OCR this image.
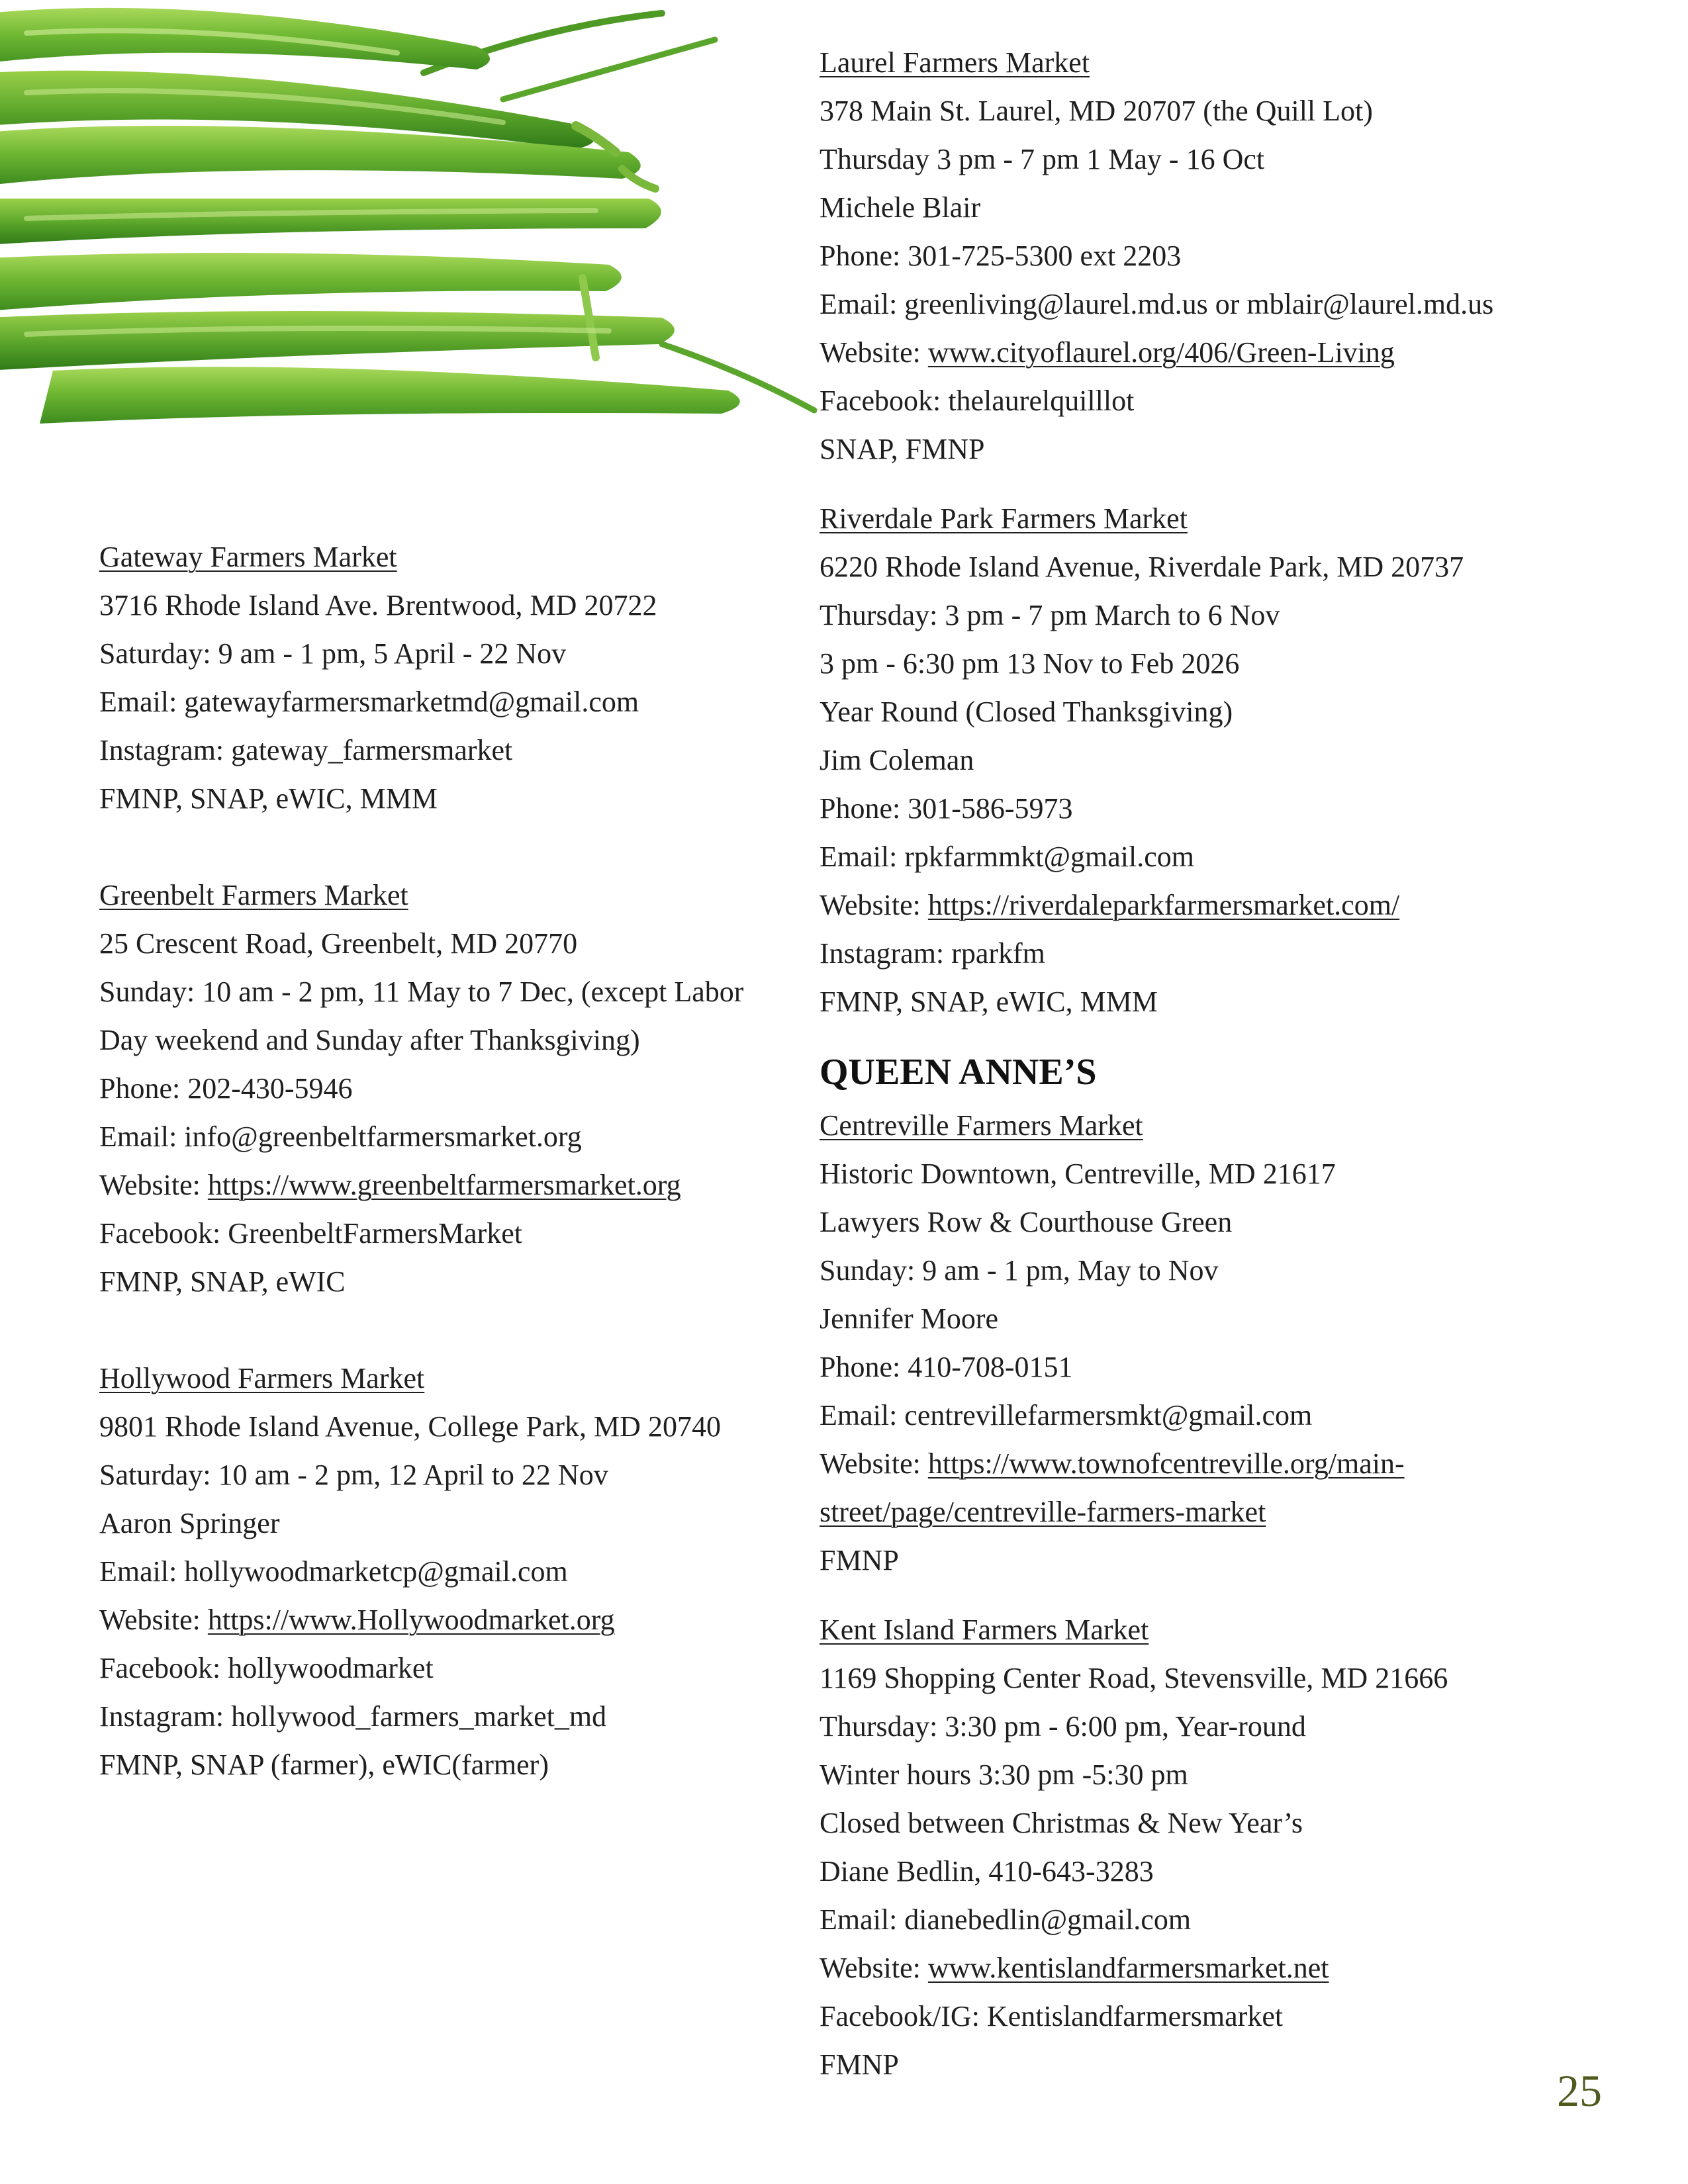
Gateway Farmers Market
3716 Rhode Island Ave. Brentwood, MD 20722
Saturday: 9 am - 1 pm, 5 April - 22 Nov
Email: gatewayfarmersmarketmd@gmail.com
Instagram: gateway_farmersmarket
FMNP, SNAP, eWIC, MMM
Greenbelt Farmers Market
25 Crescent Road, Greenbelt, MD 20770
Sunday: 10 am - 2 pm, 11 May to 7 Dec, (except Labor
Day weekend and Sunday after Thanksgiving)
Phone: 202-430-5946
Email: info@greenbeltfarmersmarket.org
Website: https://www.greenbeltfarmersmarket.org
Facebook: GreenbeltFarmersMarket
FMNP, SNAP, eWIC
Hollywood Farmers Market
9801 Rhode Island Avenue, College Park, MD 20740
Saturday: 10 am - 2 pm, 12 April to 22 Nov
Aaron Springer
Email: hollywoodmarketcp@gmail.com
Website: https://www.Hollywoodmarket.org
Facebook: hollywoodmarket
Instagram: hollywood_farmers_market_md
FMNP, SNAP (farmer), eWIC(farmer)
Laurel Farmers Market
378 Main St. Laurel, MD 20707 (the Quill Lot)
Thursday 3 pm - 7 pm 1 May - 16 Oct
Michele Blair
Phone: 301-725-5300 ext 2203
Email: greenliving@laurel.md.us or mblair@laurel.md.us
Website: www.cityoflaurel.org/406/Green-Living
Facebook: thelaurelquilllot
SNAP, FMNP
Riverdale Park Farmers Market
6220 Rhode Island Avenue, Riverdale Park, MD 20737
Thursday: 3 pm - 7 pm March to 6 Nov
3 pm - 6:30 pm 13 Nov to Feb 2026
Year Round (Closed Thanksgiving)
Jim Coleman
Phone: 301-586-5973
Email: rpkfarmmkt@gmail.com
Website: https://riverdaleparkfarmersmarket.com/
Instagram: rparkfm
FMNP, SNAP, eWIC, MMM
QUEEN ANNE’S
Centreville Farmers Market
Historic Downtown, Centreville, MD 21617
Lawyers Row & Courthouse Green
Sunday: 9 am - 1 pm, May to Nov
Jennifer Moore
Phone: 410-708-0151
Email: centrevillefarmersmkt@gmail.com
Website: https://www.townofcentreville.org/main-
street/page/centreville-farmers-market
FMNP
Kent Island Farmers Market
1169 Shopping Center Road, Stevensville, MD 21666
Thursday: 3:30 pm - 6:00 pm, Year-round
Winter hours 3:30 pm -5:30 pm
Closed between Christmas & New Year’s
Diane Bedlin, 410-643-3283
Email: dianebedlin@gmail.com
Website: www.kentislandfarmersmarket.net
Facebook/IG: Kentislandfarmersmarket
FMNP
25
